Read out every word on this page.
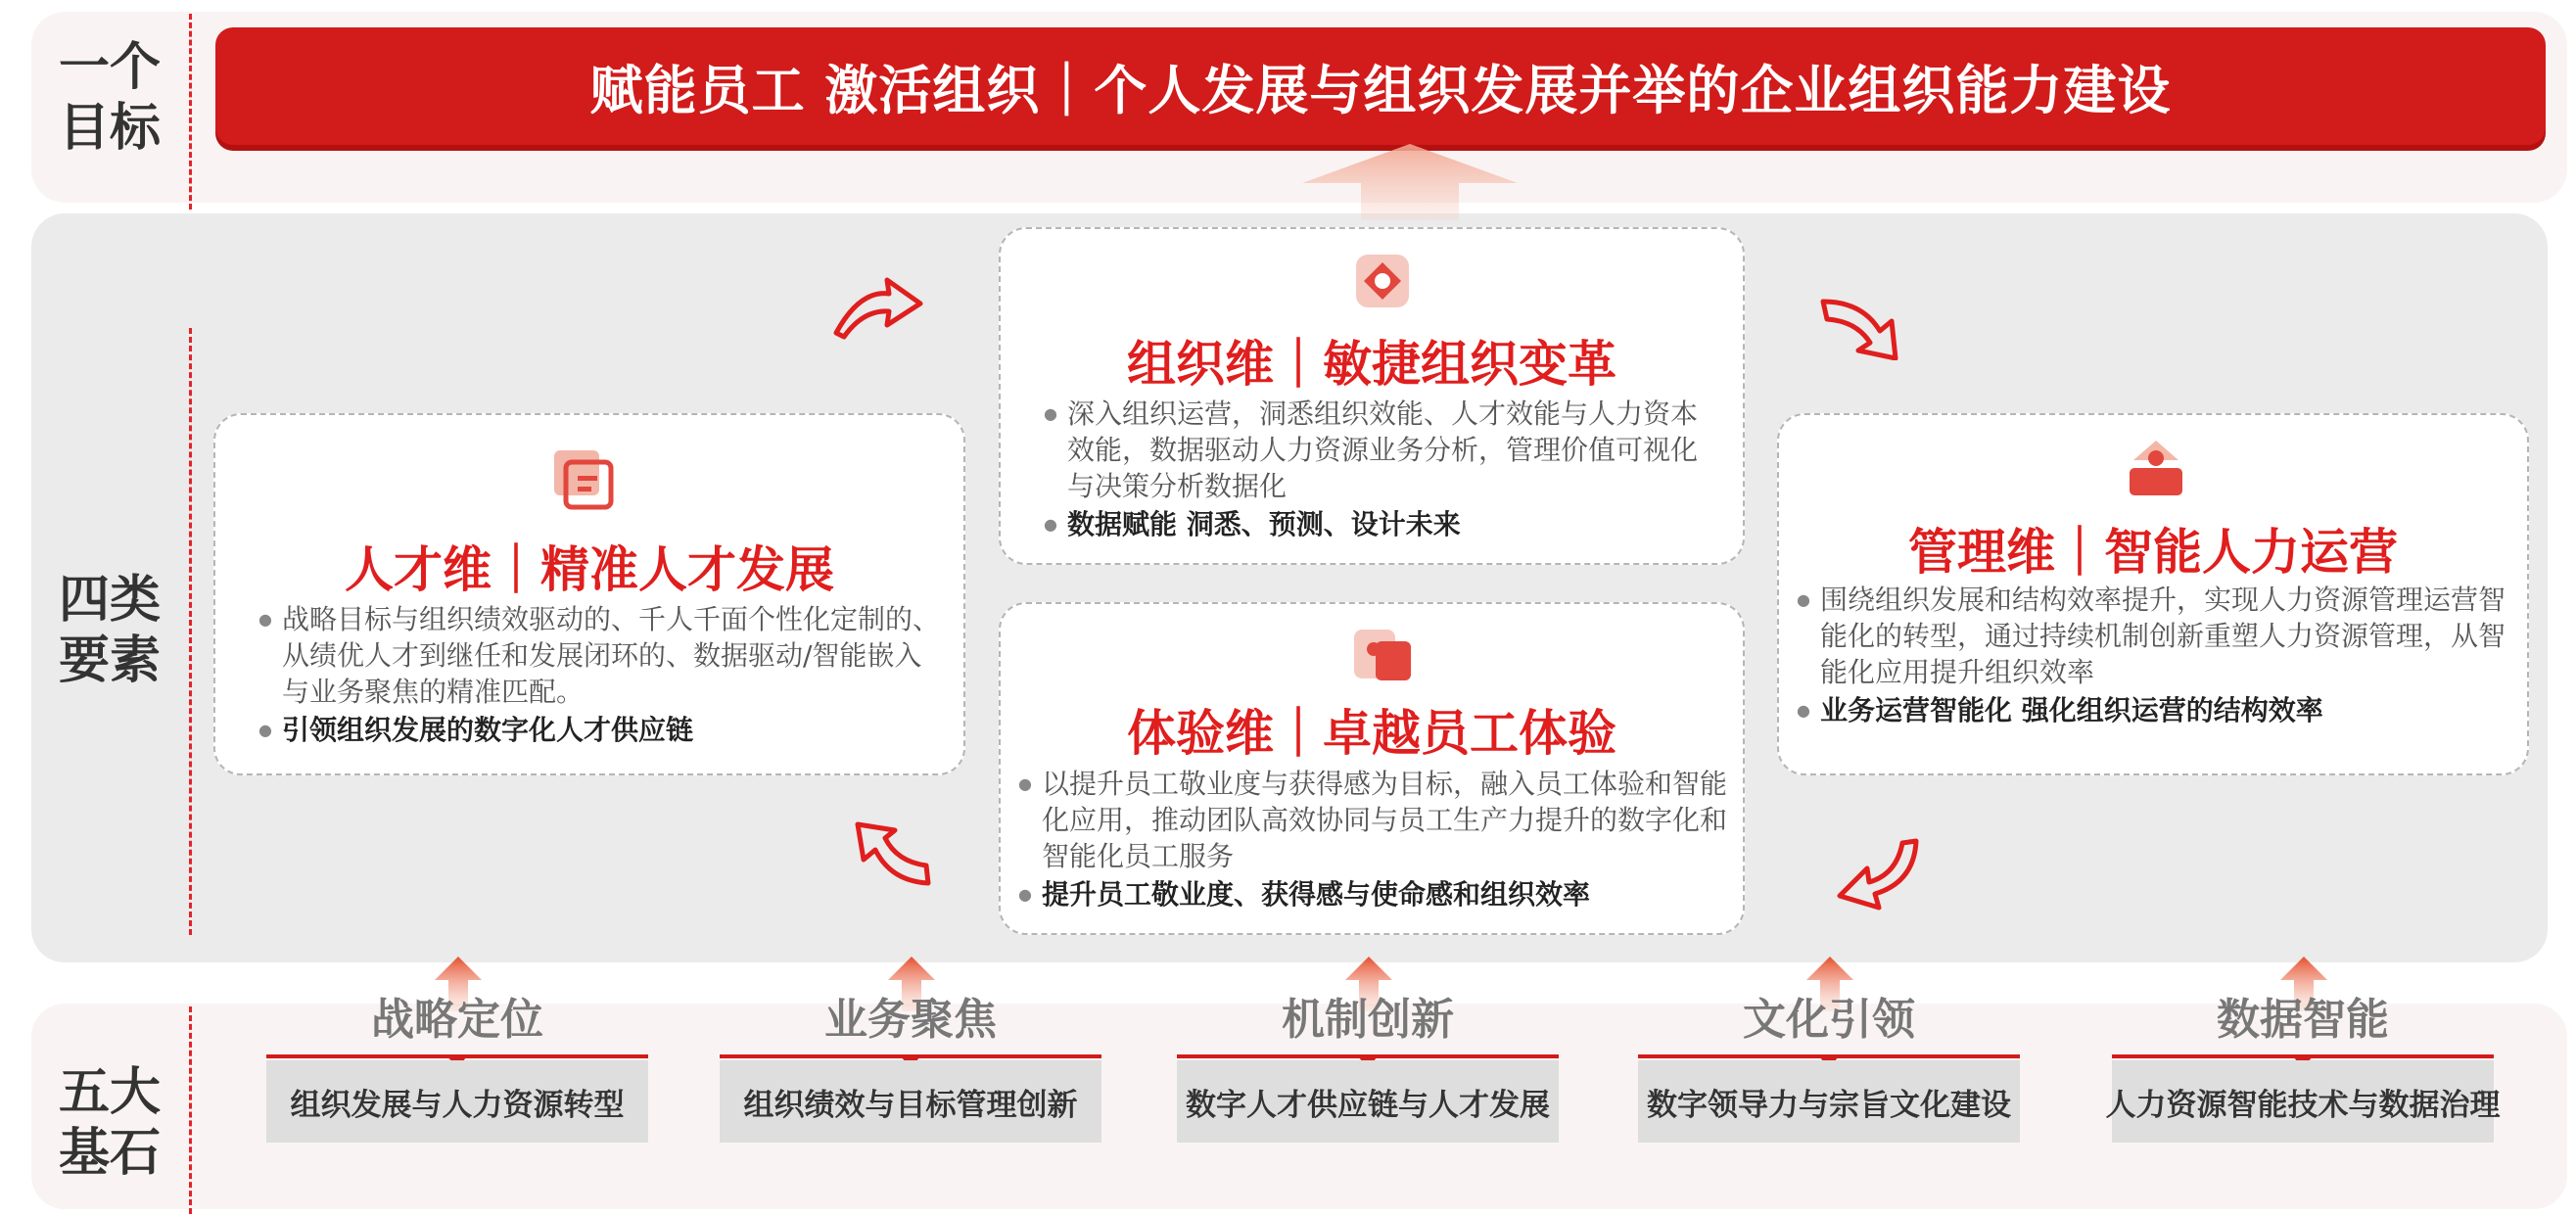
一个
目标
四类
要素
五大
基石
赋能员工 激活组织｜个人发展与组织发展并举的企业组织能力建设
组织维｜敏捷组织变革

● 深入组织运营，洞悉组织效能、人才效能与人力资本效能，数据驱动人力资源业务分析，管理价值可视化与决策分析数据化

● 数据赋能 洞悉、预测、设计未来

人才维｜精准人才发展

● 战略目标与组织绩效驱动的、千人千面个性化定制的、从绩优人才到继任和发展闭环的、数据驱动/智能嵌入与业务聚焦的精准匹配。

● 引领组织发展的数字化人才供应链

管理维｜智能人力运营

● 围绕组织发展和结构效率提升，实现人力资源管理运营智能化的转型，通过持续机制创新重塑人力资源管理，从智能化应用提升组织效率

● 业务运营智能化 强化组织运营的结构效率

体验维｜卓越员工体验

● 以提升员工敬业度与获得感为目标，融入员工体验和智能化应用，推动团队高效协同与员工生产力提升的数字化和智能化员工服务

● 提升员工敬业度、获得感与使命感和组织效率

战略定位
组织发展与人力资源转型
业务聚焦
组织绩效与目标管理创新
机制创新
数字人才供应链与人才发展
文化引领
数字领导力与宗旨文化建设
数据智能
人力资源智能技术与数据治理
